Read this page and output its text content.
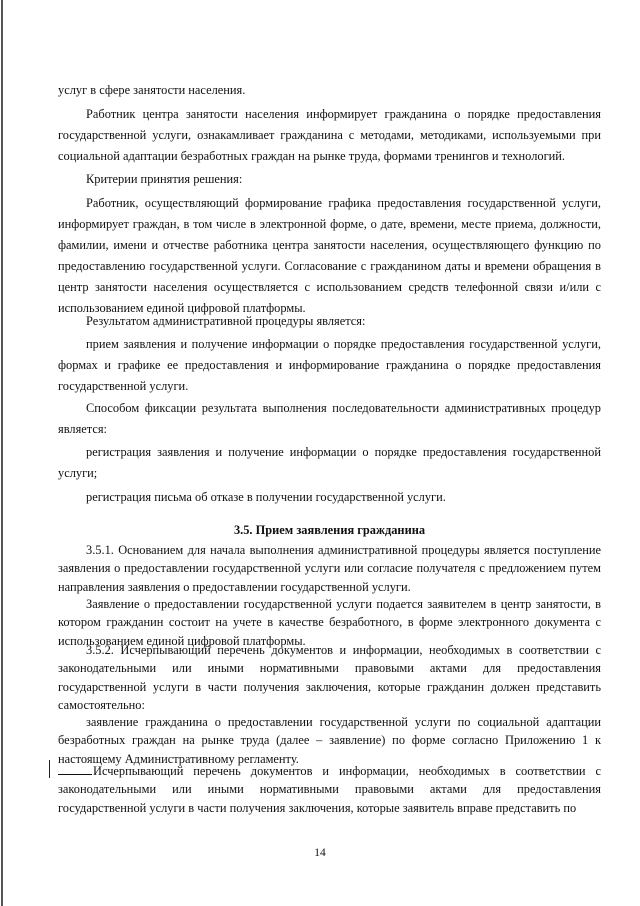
услуг в сфере занятости населения.

Работник центра занятости населения информирует гражданина о порядке предоставления государственной услуги, ознакамливает гражданина с методами, методиками, используемыми при социальной адаптации безработных граждан на рынке труда, формами тренингов и технологий.

Критерии принятия решения:

Работник, осуществляющий формирование графика предоставления государственной услуги, информирует граждан, в том числе в электронной форме, о дате, времени, месте приема, должности, фамилии, имени и отчестве работника центра занятости населения, осуществляющего функцию по предоставлению государственной услуги. Согласование с гражданином даты и времени обращения в центр занятости населения осуществляется с использованием средств телефонной связи и/или с использованием единой цифровой платформы.

Результатом административной процедуры является:

прием заявления и получение информации о порядке предоставления государственной услуги, формах и графике ее предоставления и информирование гражданина о порядке предоставления государственной услуги.

Способом фиксации результата выполнения последовательности административных процедур является:

регистрация заявления и получение информации о порядке предоставления государственной услуги;

регистрация письма об отказе в получении государственной услуги.

3.5. Прием заявления гражданина

3.5.1. Основанием для начала выполнения административной процедуры является поступление заявления о предоставлении государственной услуги или согласие получателя с предложением путем направления заявления о предоставлении государственной услуги.

Заявление о предоставлении государственной услуги подается заявителем в центр занятости, в котором гражданин состоит на учете в качестве безработного, в форме электронного документа с использованием единой цифровой платформы.

3.5.2. Исчерпывающий перечень документов и информации, необходимых в соответствии с законодательными или иными нормативными правовыми актами для предоставления государственной услуги в части получения заключения, которые гражданин должен представить самостоятельно:

заявление гражданина о предоставлении государственной услуги по социальной адаптации безработных граждан на рынке труда (далее – заявление) по форме согласно Приложению 1 к настоящему Административному регламенту.

Исчерпывающий перечень документов и информации, необходимых в соответствии с законодательными или иными нормативными правовыми актами для предоставления государственной услуги в части получения заключения, которые заявитель вправе представить по

14
